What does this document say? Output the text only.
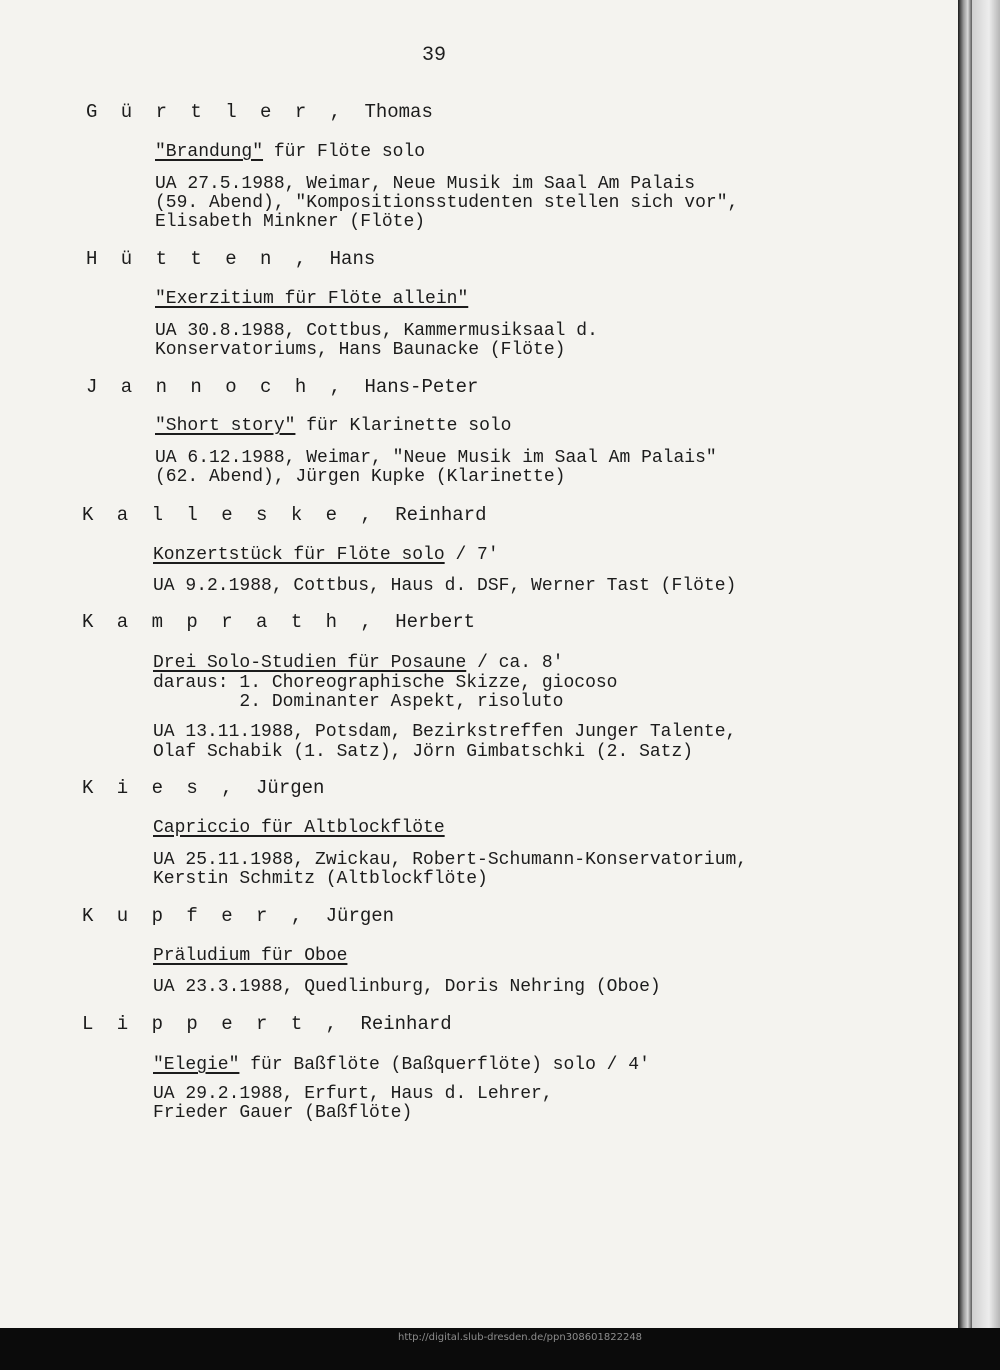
39

G ü r t l e r , Thomas

"Brandung" für Flöte solo

UA 27.5.1988, Weimar, Neue Musik im Saal Am Palais

(59. Abend), "Kompositionsstudenten stellen sich vor",

Elisabeth Minkner (Flöte)

H ü t t e n , Hans

"Exerzitium für Flöte allein"

UA 30.8.1988, Cottbus, Kammermusiksaal d.

Konservatoriums, Hans Baunacke (Flöte)

J a n n o c h , Hans-Peter

"Short story" für Klarinette solo

UA 6.12.1988, Weimar, "Neue Musik im Saal Am Palais"

(62. Abend), Jürgen Kupke (Klarinette)

K a l l e s k e , Reinhard

Konzertstück für Flöte solo / 7'

UA 9.2.1988, Cottbus, Haus d. DSF, Werner Tast (Flöte)

K a m p r a t h , Herbert

Drei Solo-Studien für Posaune / ca. 8'

daraus: 1. Choreographische Skizze, giocoso

2. Dominanter Aspekt, risoluto

UA 13.11.1988, Potsdam, Bezirkstreffen Junger Talente,

Olaf Schabik (1. Satz), Jörn Gimbatschki (2. Satz)

K i e s , Jürgen

Capriccio für Altblockflöte

UA 25.11.1988, Zwickau, Robert-Schumann-Konservatorium,

Kerstin Schmitz (Altblockflöte)

K u p f e r , Jürgen

Präludium für Oboe

UA 23.3.1988, Quedlinburg, Doris Nehring (Oboe)

L i p p e r t , Reinhard

"Elegie" für Baßflöte (Baßquerflöte) solo / 4'

UA 29.2.1988, Erfurt, Haus d. Lehrer,

Frieder Gauer (Baßflöte)

http://digital.slub-dresden.de/ppn308601822248
